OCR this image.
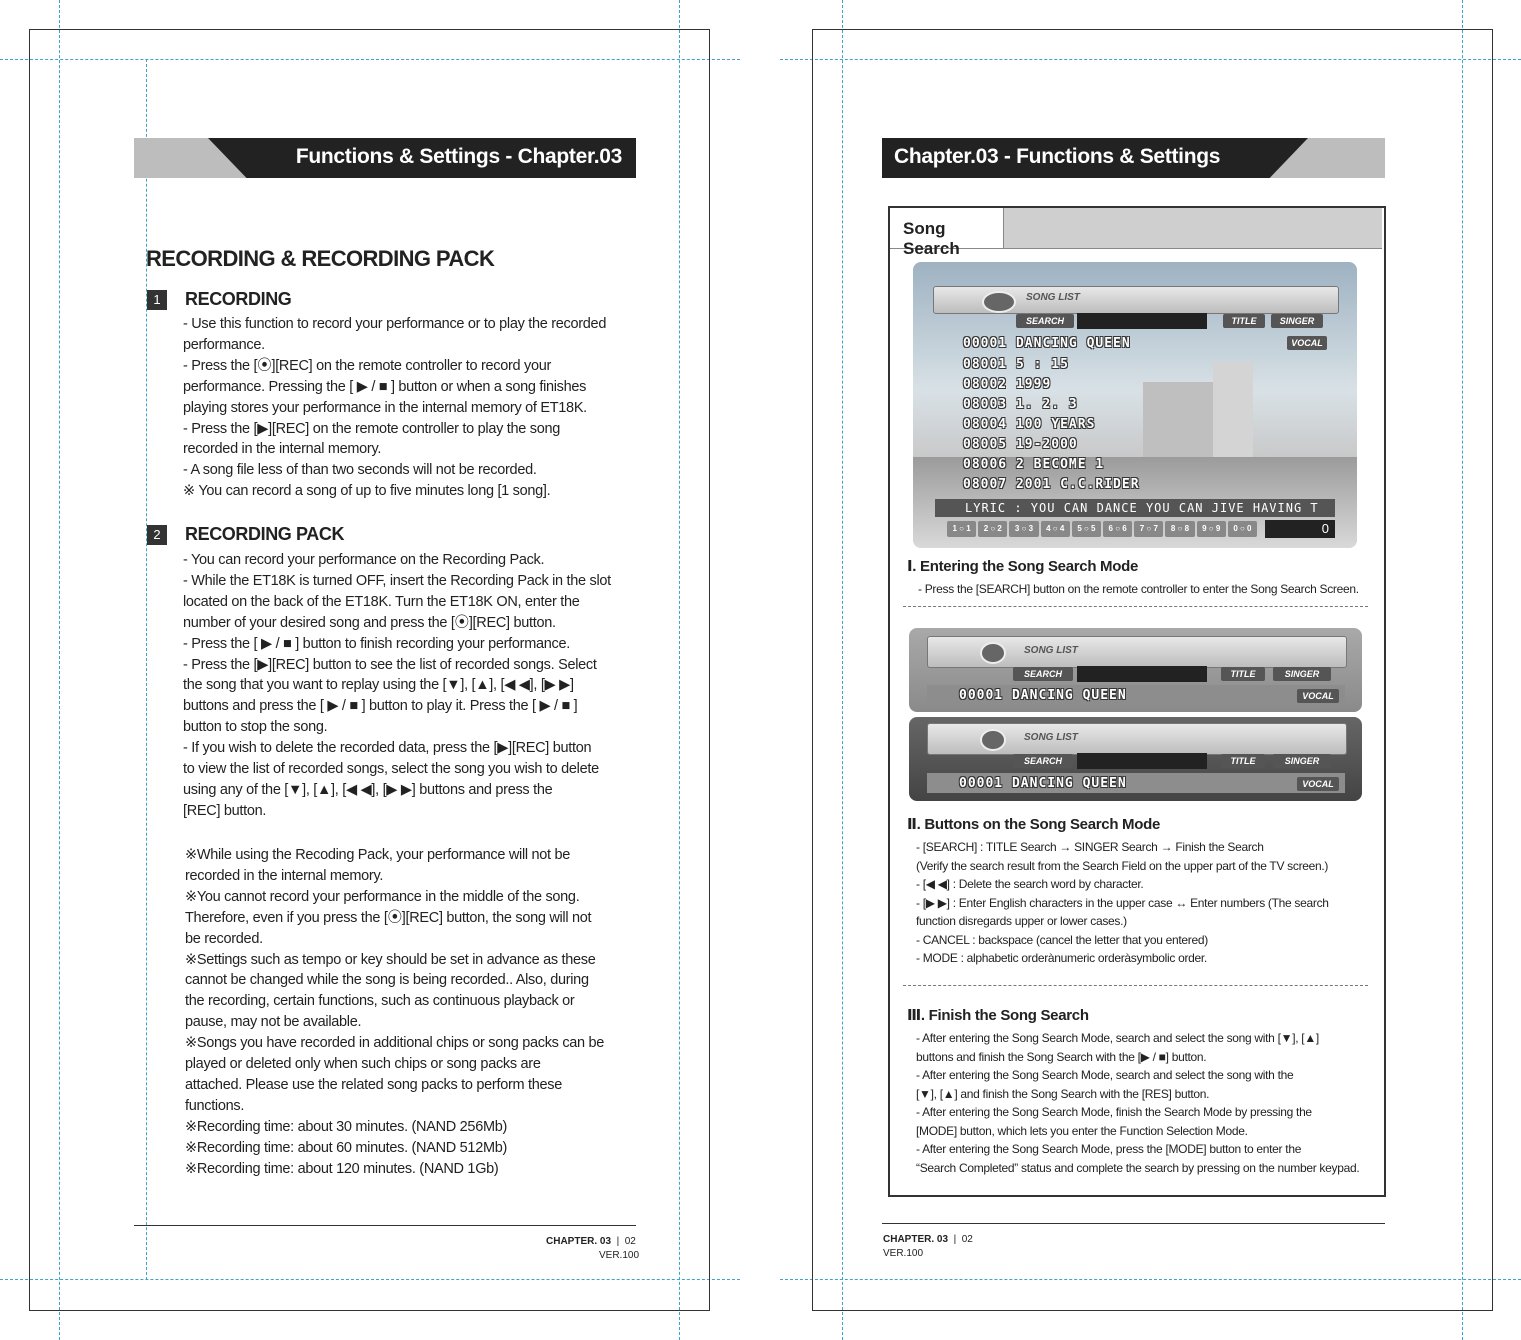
Functions & Settings - Chapter.03
RECORDING & RECORDING PACK
1	RECORDING
- Use this function to record your performance or to play the recorded
performance.
- Press the [⦿][REC] on the remote controller to record your
performance. Pressing the [ ▶ / ■ ] button or when a song finishes
playing stores your performance in the internal memory of ET18K.
- Press the [▶][REC] on the remote controller to play the song
recorded in the internal memory.
- A song file less of than two seconds will not be recorded.
※ You can record a song of up to five minutes long [1 song].
2	RECORDING PACK
- You can record your performance on the Recording Pack.
- While the ET18K is turned OFF, insert the Recording Pack in the slot
located on the back of the ET18K. Turn the ET18K ON, enter the
number of your desired song and press the [⦿][REC] button.
- Press the [ ▶ / ■ ] button to finish recording your performance.
- Press the [▶][REC] button to see the list of recorded songs. Select
the song that you want to replay using the [▼], [▲], [◀ ◀], [▶ ▶]
buttons and press the [ ▶ / ■ ] button to play it. Press the [ ▶ / ■ ]
button to stop the song.
- If you wish to delete the recorded data, press the [▶][REC] button
to view the list of recorded songs, select the song you wish to delete
using any of the [▼], [▲], [◀ ◀], [▶ ▶] buttons and press the
[REC] button.
※While using the Recoding Pack, your performance will not be
recorded in the internal memory.
※You cannot record your performance in the middle of the song.
Therefore, even if you press the [⦿][REC] button, the song will not
be recorded.
※Settings such as tempo or key should be set in advance as these
cannot be changed while the song is being recorded.. Also, during
the recording, certain functions, such as continuous playback or
pause, may not be available.
※Songs you have recorded in additional chips or song packs can be
played or deleted only when such chips or song packs are
attached. Please use the related song packs to perform these
functions.
※Recording time: about 30 minutes. (NAND 256Mb)
※Recording time: about 60 minutes. (NAND 512Mb)
※Recording time: about 120 minutes. (NAND 1Gb)
CHAPTER. 03  |  02
VER.100
Chapter.03 - Functions & Settings
Song Search
SONG LIST
SEARCH	TITLE	SINGER
VOCAL
00001 DANCING QUEEN
08001 5 : 15
08002 1999
08003 1. 2. 3
08004 100 YEARS
08005 19-2000
08006 2 BECOME 1
08007 2001 C.C.RIDER
LYRIC : YOU CAN DANCE YOU CAN JIVE HAVING T
1 ○ 1	2 ○ 2	3 ○ 3	4 ○ 4	5 ○ 5	6 ○ 6	7 ○ 7	8 ○ 8	9 ○ 9	0 ○ 0	0
Ⅰ. Entering the Song Search Mode
- Press the [SEARCH] button on the remote controller to enter the Song Search Screen.
SONG LIST
SEARCH	TITLE	SINGER
00001 DANCING QUEEN	VOCAL
SONG LIST
SEARCH	TITLE	SINGER
00001 DANCING QUEEN	VOCAL
Ⅱ. Buttons on the Song Search Mode
- [SEARCH] : TITLE Search → SINGER Search → Finish the Search
(Verify the search result from the Search Field on the upper part of the TV screen.)
- [◀ ◀] : Delete the search word by character.
- [▶ ▶] : Enter English characters in the upper case ↔ Enter numbers (The search
function disregards upper or lower cases.)
- CANCEL : backspace (cancel the letter that you entered)
- MODE : alphabetic orderànumeric orderàsymbolic order.
Ⅲ. Finish the Song Search
- After entering the Song Search Mode, search and select the song with [▼], [▲]
buttons and finish the Song Search with the [▶ / ■] button.
- After entering the Song Search Mode, search and select the song with the
[▼], [▲] and finish the Song Search with the [RES] button.
- After entering the Song Search Mode, finish the Search Mode by pressing the
[MODE] button, which lets you enter the Function Selection Mode.
- After entering the Song Search Mode, press the [MODE] button to enter the
“Search Completed” status and complete the search by pressing on the number keypad.
CHAPTER. 03  |  02
VER.100
